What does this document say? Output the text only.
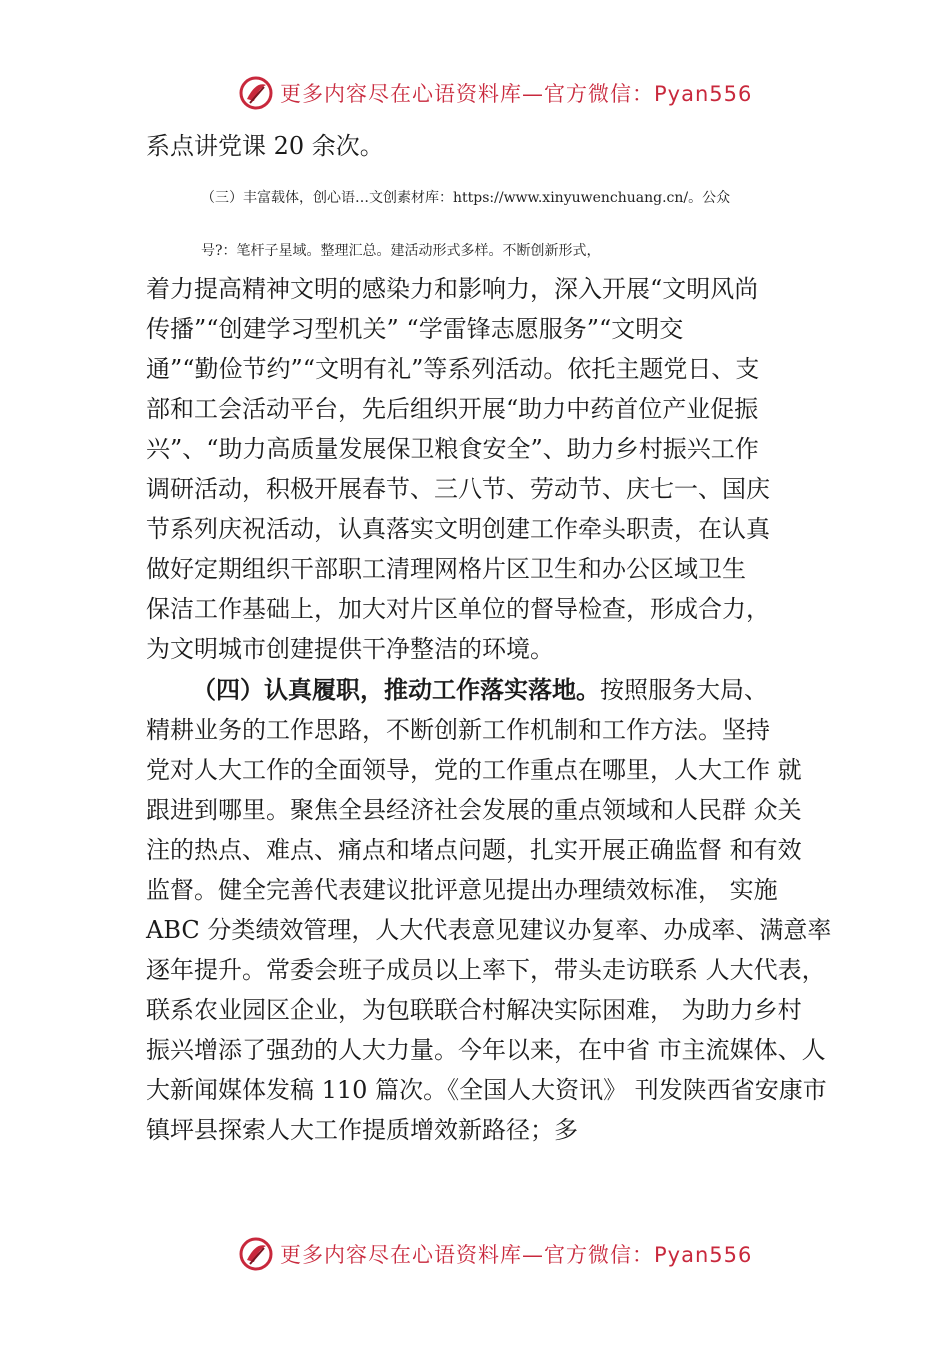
更多内容尽在心语资料库—官方微信：Pyan556
系点讲党课 20 余次。
（三）丰富载体，创心语…文创素材库：https://www.xinyuwenchuang.cn/。公众
号?：笔杆子星域。整理汇总。建活动形式多样。不断创新形式，
着力提高精神文明的感染力和影响力，深入开展“文明风尚
传播”“创建学习型机关” “学雷锋志愿服务”“文明交
通”“勤俭节约”“文明有礼”等系列活动。依托主题党日、支
部和工会活动平台，先后组织开展“助力中药首位产业促振
兴”、“助力高质量发展保卫粮食安全”、助力乡村振兴工作
调研活动，积极开展春节、三八节、劳动节、庆七一、国庆
节系列庆祝活动，认真落实文明创建工作牵头职责，在认真
做好定期组织干部职工清理网格片区卫生和办公区域卫生
保洁工作基础上，加大对片区单位的督导检查，形成合力，
为文明城市创建提供干净整洁的环境。
（四）认真履职，推动工作落实落地。按照服务大局、
精耕业务的工作思路，不断创新工作机制和工作方法。坚持
党对人大工作的全面领导，党的工作重点在哪里，人大工作 就
跟进到哪里。聚焦全县经济社会发展的重点领域和人民群 众关
注的热点、难点、痛点和堵点问题，扎实开展正确监督 和有效
监督。健全完善代表建议批评意见提出办理绩效标准， 实施
ABC 分类绩效管理，人大代表意见建议办复率、办成率、满意率
逐年提升。常委会班子成员以上率下，带头走访联系 人大代表，
联系农业园区企业，为包联联合村解决实际困难， 为助力乡村
振兴增添了强劲的人大力量。今年以来，在中省 市主流媒体、人
大新闻媒体发稿 110 篇次。《全国人大资讯》 刊发陕西省安康市
镇坪县探索人大工作提质增效新路径；多
更多内容尽在心语资料库—官方微信：Pyan556
